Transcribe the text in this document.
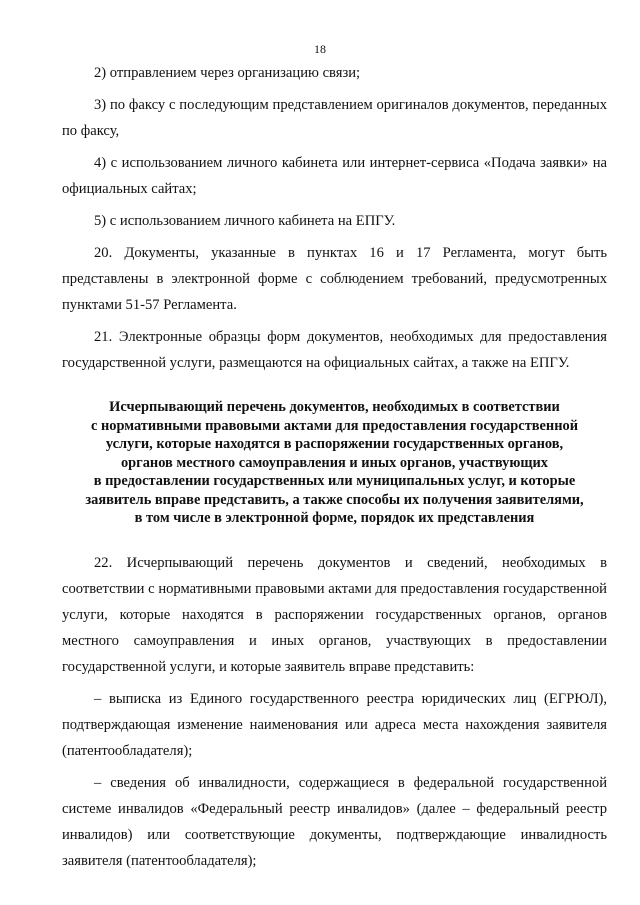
18

2) отправлением через организацию связи;

3) по факсу с последующим представлением оригиналов документов, переданных по факсу,

4) с использованием личного кабинета или интернет-сервиса «Подача заявки» на официальных сайтах;

5) с использованием личного кабинета на ЕПГУ.

20. Документы, указанные в пунктах 16 и 17 Регламента, могут быть представлены в электронной форме с соблюдением требований, предусмотренных пунктами 51-57 Регламента.

21. Электронные образцы форм документов, необходимых для предоставления государственной услуги, размещаются на официальных сайтах, а также на ЕПГУ.

Исчерпывающий перечень документов, необходимых в соответствии
с нормативными правовыми актами для предоставления государственной
услуги, которые находятся в распоряжении государственных органов,
органов местного самоуправления и иных органов, участвующих
в предоставлении государственных или муниципальных услуг, и которые
заявитель вправе представить, а также способы их получения заявителями,
в том числе в электронной форме, порядок их представления

22. Исчерпывающий перечень документов и сведений, необходимых в соответствии с нормативными правовыми актами для предоставления государственной услуги, которые находятся в распоряжении государственных органов, органов местного самоуправления и иных органов, участвующих в предоставлении государственной услуги, и которые заявитель вправе представить:

– выписка из Единого государственного реестра юридических лиц (ЕГРЮЛ), подтверждающая изменение наименования или адреса места нахождения заявителя (патентообладателя);

– сведения об инвалидности, содержащиеся в федеральной государственной системе инвалидов «Федеральный реестр инвалидов» (далее – федеральный реестр инвалидов) или соответствующие документы, подтверждающие инвалидность заявителя (патентообладателя);
